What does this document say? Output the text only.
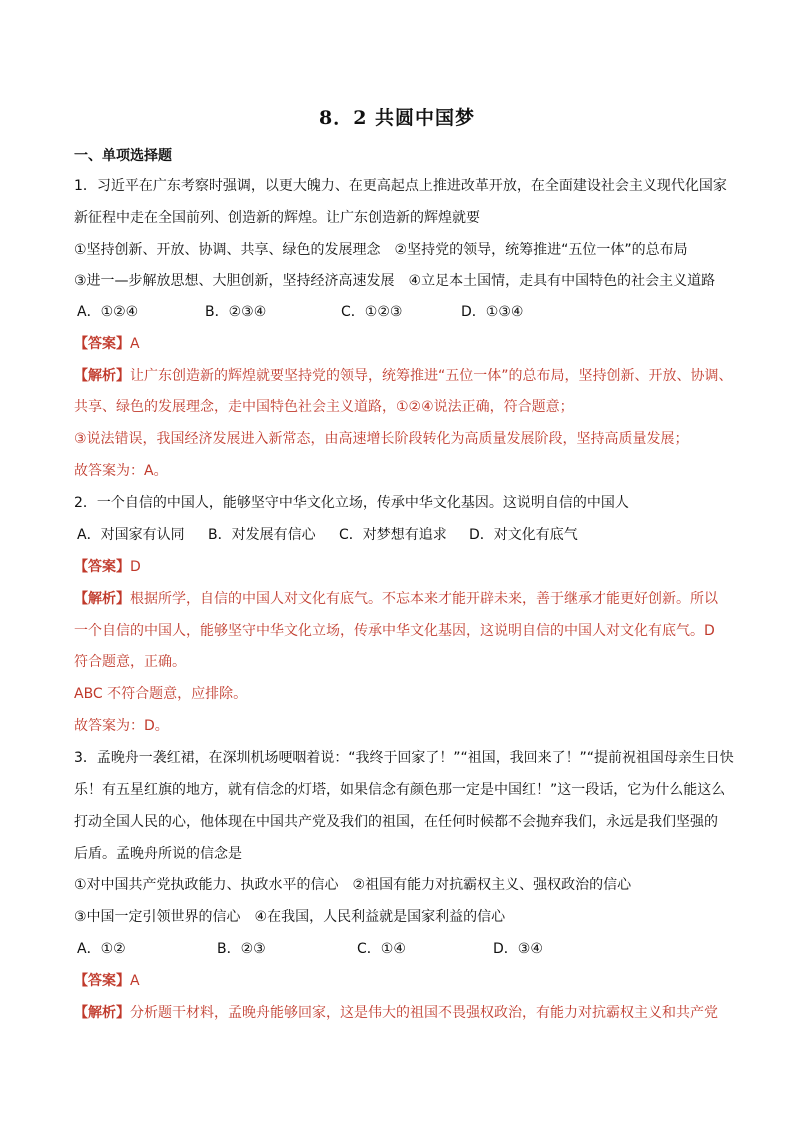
8．2 共圆中国梦
一、单项选择题
1．习近平在广东考察时强调，以更大魄力、在更高起点上推进改革开放，在全面建设社会主义现代化国家
新征程中走在全国前列、创造新的辉煌。让广东创造新的辉煌就要
①坚持创新、开放、协调、共享、绿色的发展理念　②坚持党的领导，统筹推进“五位一体”的总布局
③进一—步解放思想、大胆创新，坚持经济高速发展　④立足本土国情，走具有中国特色的社会主义道路
A．①②④	B．②③④	C．①②③	D．①③④
【答案】A
【解析】让广东创造新的辉煌就要坚持党的领导，统筹推进“五位一体”的总布局，坚持创新、开放、协调、
共享、绿色的发展理念，走中国特色社会主义道路，①②④说法正确，符合题意；
③说法错误，我国经济发展进入新常态，由高速增长阶段转化为高质量发展阶段，坚持高质量发展；
故答案为：A。
2．一个自信的中国人，能够坚守中华文化立场，传承中华文化基因。这说明自信的中国人
A．对国家有认同	B．对发展有信心	C．对梦想有追求	D．对文化有底气
【答案】D
【解析】根据所学，自信的中国人对文化有底气。不忘本来才能开辟未来，善于继承才能更好创新。所以
一个自信的中国人，能够坚守中华文化立场，传承中华文化基因，这说明自信的中国人对文化有底气。D
符合题意，正确。
ABC 不符合题意，应排除。
故答案为：D。
3．孟晚舟一袭红裙，在深圳机场哽咽着说：“我终于回家了！”“祖国，我回来了！”“提前祝祖国母亲生日快
乐！有五星红旗的地方，就有信念的灯塔，如果信念有颜色那一定是中国红！”这一段话，它为什么能这么
打动全国人民的心，他体现在中国共产党及我们的祖国，在任何时候都不会抛弃我们，永远是我们坚强的
后盾。孟晚舟所说的信念是
①对中国共产党执政能力、执政水平的信心　②祖国有能力对抗霸权主义、强权政治的信心
③中国一定引领世界的信心　④在我国，人民利益就是国家利益的信心
A．①②	B．②③	C．①④	D．③④
【答案】A
【解析】分析题干材料，孟晚舟能够回家，这是伟大的祖国不畏强权政治，有能力对抗霸权主义和共产党
